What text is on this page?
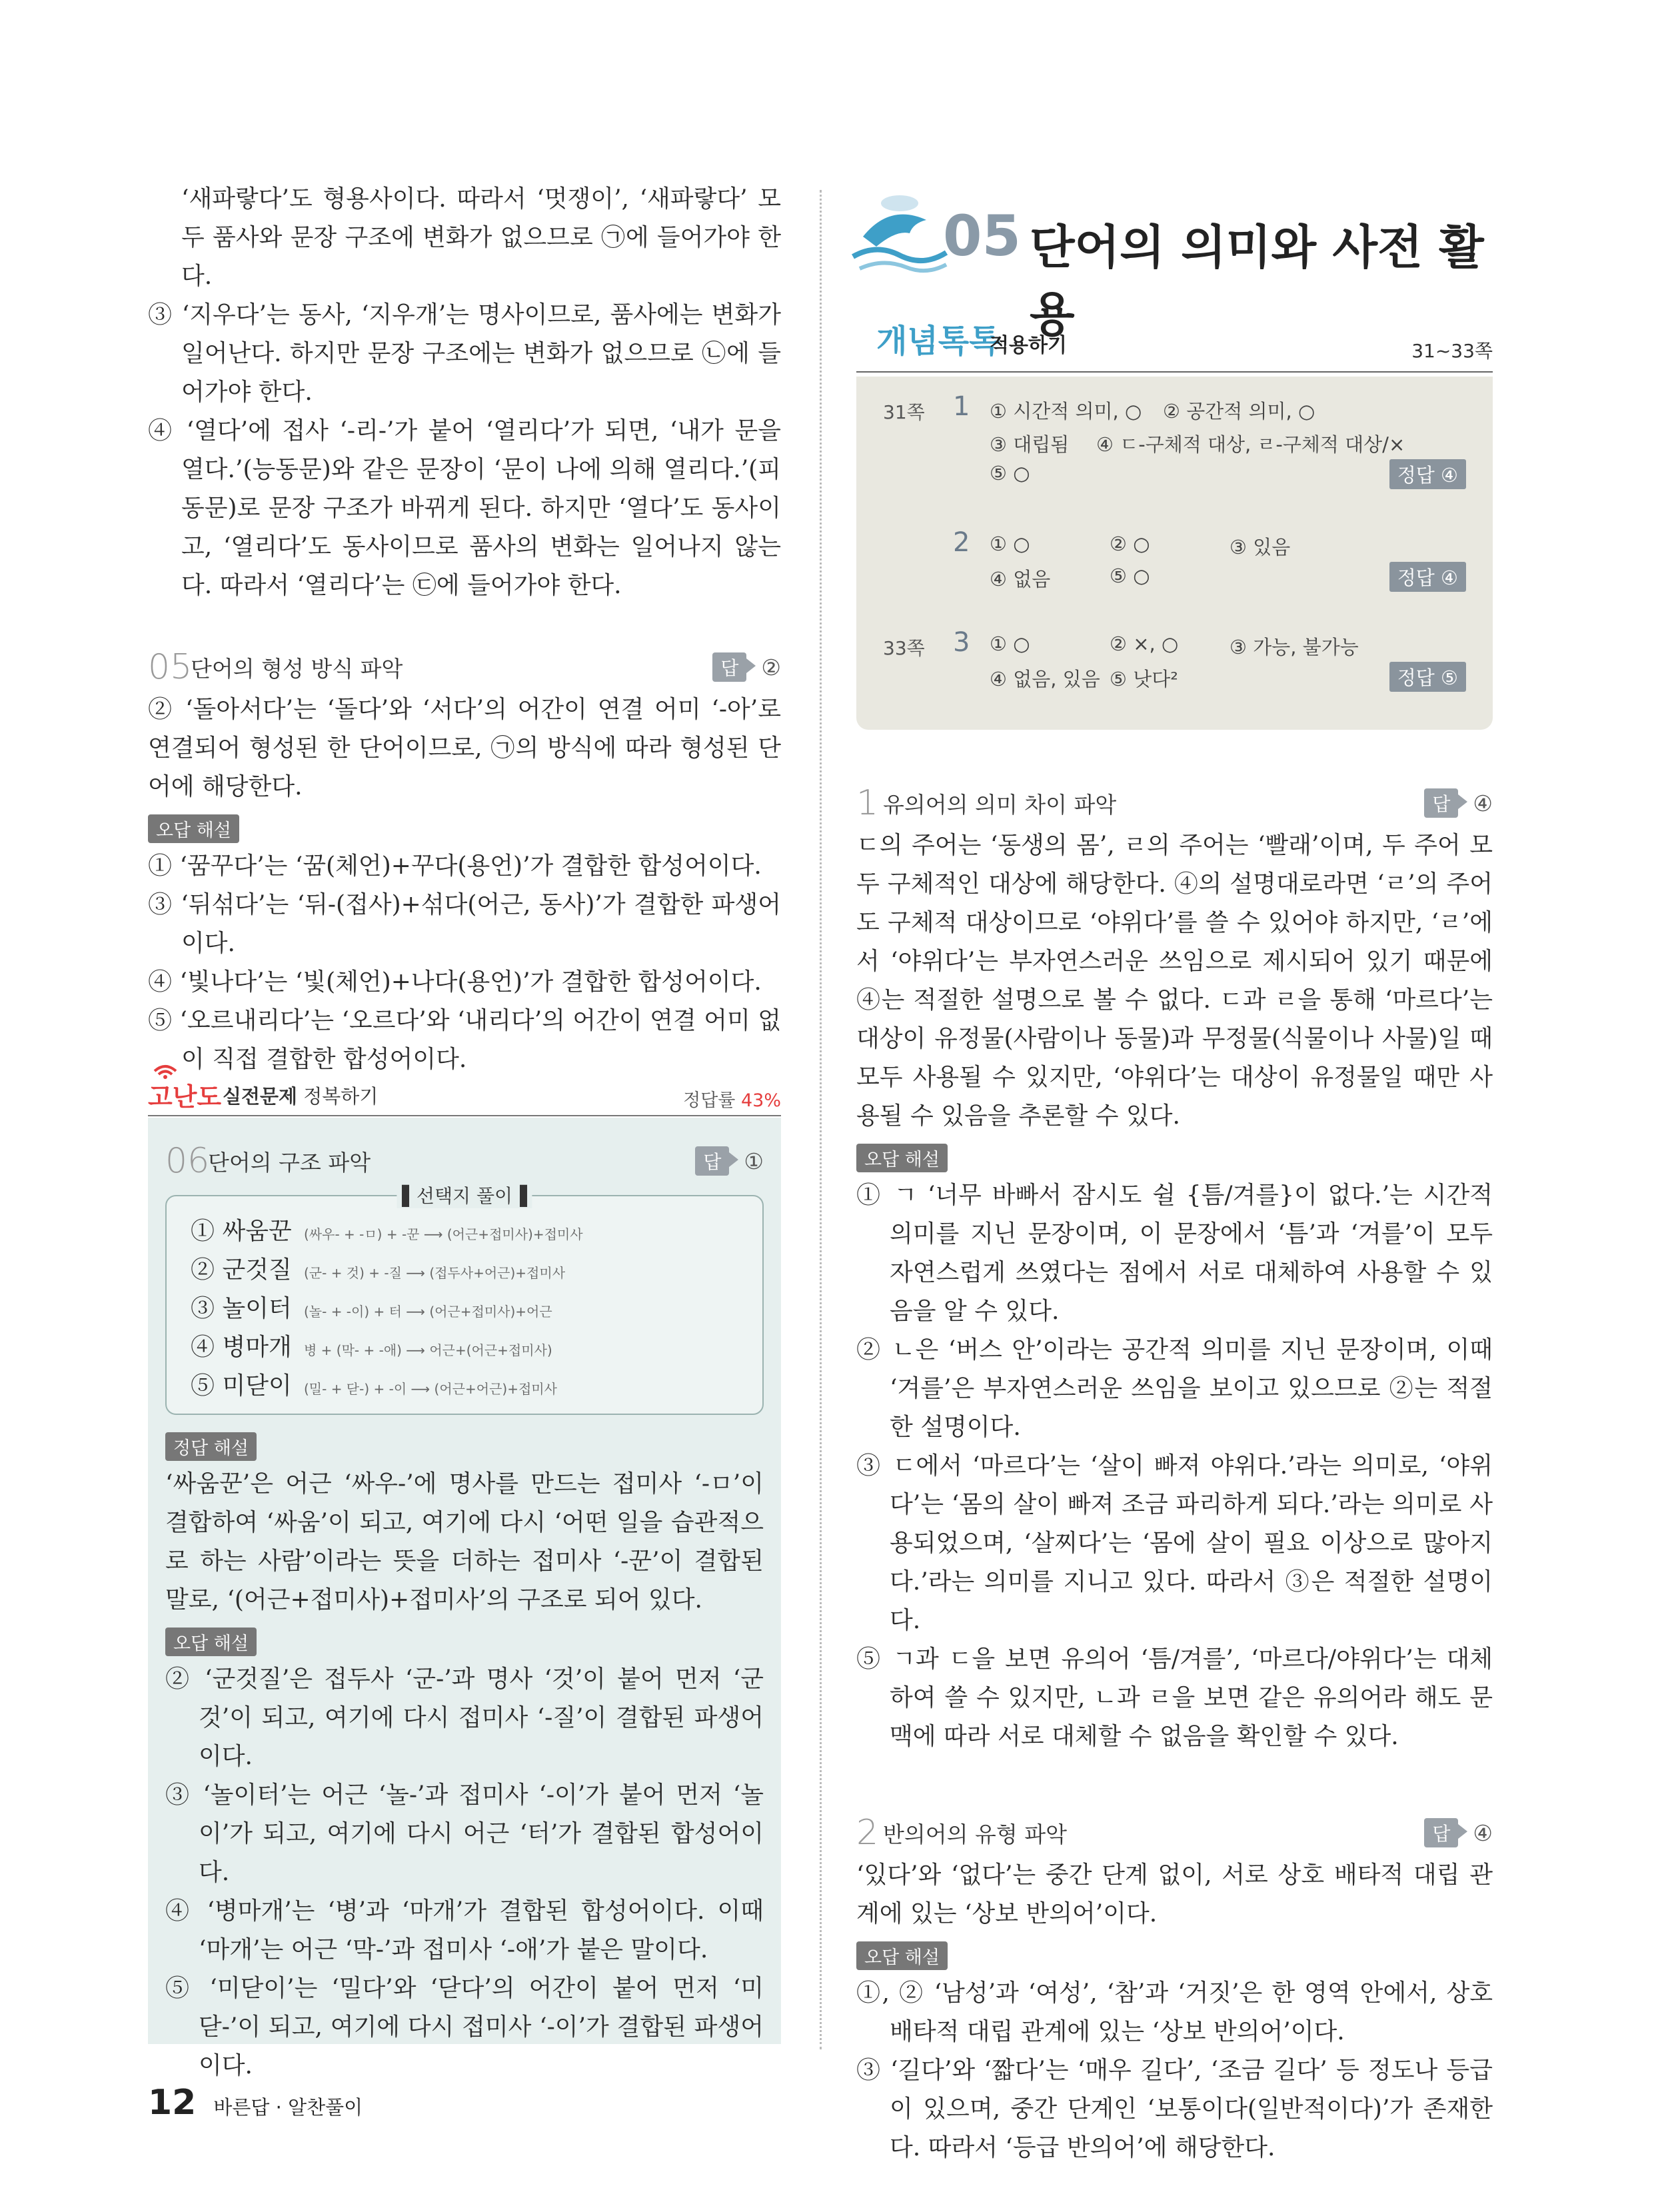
‘새파랗다’도 형용사이다. 따라서 ‘멋쟁이’, ‘새파랗다’ 모두 품사와 문장 구조에 변화가 없으므로 ㉠에 들어가야 한다.
③ ‘지우다’는 동사, ‘지우개’는 명사이므로, 품사에는 변화가 일어난다. 하지만 문장 구조에는 변화가 없으므로 ㉡에 들어가야 한다.
④ ‘열다’에 접사 ‘-리-’가 붙어 ‘열리다’가 되면, ‘내가 문을 열다.’(능동문)와 같은 문장이 ‘문이 나에 의해 열리다.’(피동문)로 문장 구조가 바뀌게 된다. 하지만 ‘열다’도 동사이고, ‘열리다’도 동사이므로 품사의 변화는 일어나지 않는다. 따라서 ‘열리다’는 ㉢에 들어가야 한다.
05
단어의 형성 방식 파악	답	②
② ‘돌아서다’는 ‘돌다’와 ‘서다’의 어간이 연결 어미 ‘-아’로 연결되어 형성된 한 단어이므로, ㉠의 방식에 따라 형성된 단어에 해당한다.
오답 해설
① ‘꿈꾸다’는 ‘꿈(체언)+꾸다(용언)’가 결합한 합성어이다.
③ ‘뒤섞다’는 ‘뒤-(접사)+섞다(어근, 동사)’가 결합한 파생어이다.
④ ‘빛나다’는 ‘빛(체언)+나다(용언)’가 결합한 합성어이다.
⑤ ‘오르내리다’는 ‘오르다’와 ‘내리다’의 어간이 연결 어미 없이 직접 결합한 합성어이다.
고난도 실전문제 정복하기	정답률 43%
06
단어의 구조 파악	답	①
▌선택지 풀이▐
① 싸움꾼 (싸우- + -ㅁ) + -꾼 ⟶ (어근+접미사)+접미사
② 군것질 (군- + 것) + -질 ⟶ (접두사+어근)+접미사
③ 놀이터 (놀- + -이) + 터 ⟶ (어근+접미사)+어근
④ 병마개 병 + (막- + -애) ⟶ 어근+(어근+접미사)
⑤ 미닫이 (밀- + 닫-) + -이 ⟶ (어근+어근)+접미사
정답 해설
‘싸움꾼’은 어근 ‘싸우-’에 명사를 만드는 접미사 ‘-ㅁ’이 결합하여 ‘싸움’이 되고, 여기에 다시 ‘어떤 일을 습관적으로 하는 사람’이라는 뜻을 더하는 접미사 ‘-꾼’이 결합된 말로, ‘(어근+접미사)+접미사’의 구조로 되어 있다.
오답 해설
② ‘군것질’은 접두사 ‘군-’과 명사 ‘것’이 붙어 먼저 ‘군것’이 되고, 여기에 다시 접미사 ‘-질’이 결합된 파생어이다.
③ ‘놀이터’는 어근 ‘놀-’과 접미사 ‘-이’가 붙어 먼저 ‘놀이’가 되고, 여기에 다시 어근 ‘터’가 결합된 합성어이다.
④ ‘병마개’는 ‘병’과 ‘마개’가 결합된 합성어이다. 이때 ‘마개’는 어근 ‘막-’과 접미사 ‘-애’가 붙은 말이다.
⑤ ‘미닫이’는 ‘밀다’와 ‘닫다’의 어간이 붙어 먼저 ‘미닫-’이 되고, 여기에 다시 접미사 ‘-이’가 결합된 파생어이다.
05 단어의 의미와 사전 활용
개념톡톡
적용하기	31~33쪽
31쪽 1 ① 시간적 의미, ○ ② 공간적 의미, ○
③ 대립됨 ④ ㄷ-구체적 대상, ㄹ-구체적 대상/×
⑤ ○	정답 ④
2 ① ○	② ○	③ 있음
④ 없음	⑤ ○	정답 ④
33쪽 3 ① ○	② ×, ○	③ 가능, 불가능
④ 없음, 있음 ⑤ 낫다²	정답 ⑤
1 유의어의 의미 차이 파악	답	④
ㄷ의 주어는 ‘동생의 몸’, ㄹ의 주어는 ‘빨래’이며, 두 주어 모두 구체적인 대상에 해당한다. ④의 설명대로라면 ‘ㄹ’의 주어도 구체적 대상이므로 ‘야위다’를 쓸 수 있어야 하지만, ‘ㄹ’에서 ‘야위다’는 부자연스러운 쓰임으로 제시되어 있기 때문에 ④는 적절한 설명으로 볼 수 없다. ㄷ과 ㄹ을 통해 ‘마르다’는 대상이 유정물(사람이나 동물)과 무정물(식물이나 사물)일 때 모두 사용될 수 있지만, ‘야위다’는 대상이 유정물일 때만 사용될 수 있음을 추론할 수 있다.
오답 해설
① ㄱ ‘너무 바빠서 잠시도 쉴 {틈/겨를}이 없다.’는 시간적 의미를 지닌 문장이며, 이 문장에서 ‘틈’과 ‘겨를’이 모두 자연스럽게 쓰였다는 점에서 서로 대체하여 사용할 수 있음을 알 수 있다.
② ㄴ은 ‘버스 안’이라는 공간적 의미를 지닌 문장이며, 이때 ‘겨를’은 부자연스러운 쓰임을 보이고 있으므로 ②는 적절한 설명이다.
③ ㄷ에서 ‘마르다’는 ‘살이 빠져 야위다.’라는 의미로, ‘야위다’는 ‘몸의 살이 빠져 조금 파리하게 되다.’라는 의미로 사용되었으며, ‘살찌다’는 ‘몸에 살이 필요 이상으로 많아지다.’라는 의미를 지니고 있다. 따라서 ③은 적절한 설명이다.
⑤ ㄱ과 ㄷ을 보면 유의어 ‘틈/겨를’, ‘마르다/야위다’는 대체하여 쓸 수 있지만, ㄴ과 ㄹ을 보면 같은 유의어라 해도 문맥에 따라 서로 대체할 수 없음을 확인할 수 있다.
2 반의어의 유형 파악	답	④
‘있다’와 ‘없다’는 중간 단계 없이, 서로 상호 배타적 대립 관계에 있는 ‘상보 반의어’이다.
오답 해설
①, ② ‘남성’과 ‘여성’, ‘참’과 ‘거짓’은 한 영역 안에서, 상호 배타적 대립 관계에 있는 ‘상보 반의어’이다.
③ ‘길다’와 ‘짧다’는 ‘매우 길다’, ‘조금 길다’ 등 정도나 등급이 있으며, 중간 단계인 ‘보통이다(일반적이다)’가 존재한다. 따라서 ‘등급 반의어’에 해당한다.
12 바른답 · 알찬풀이
